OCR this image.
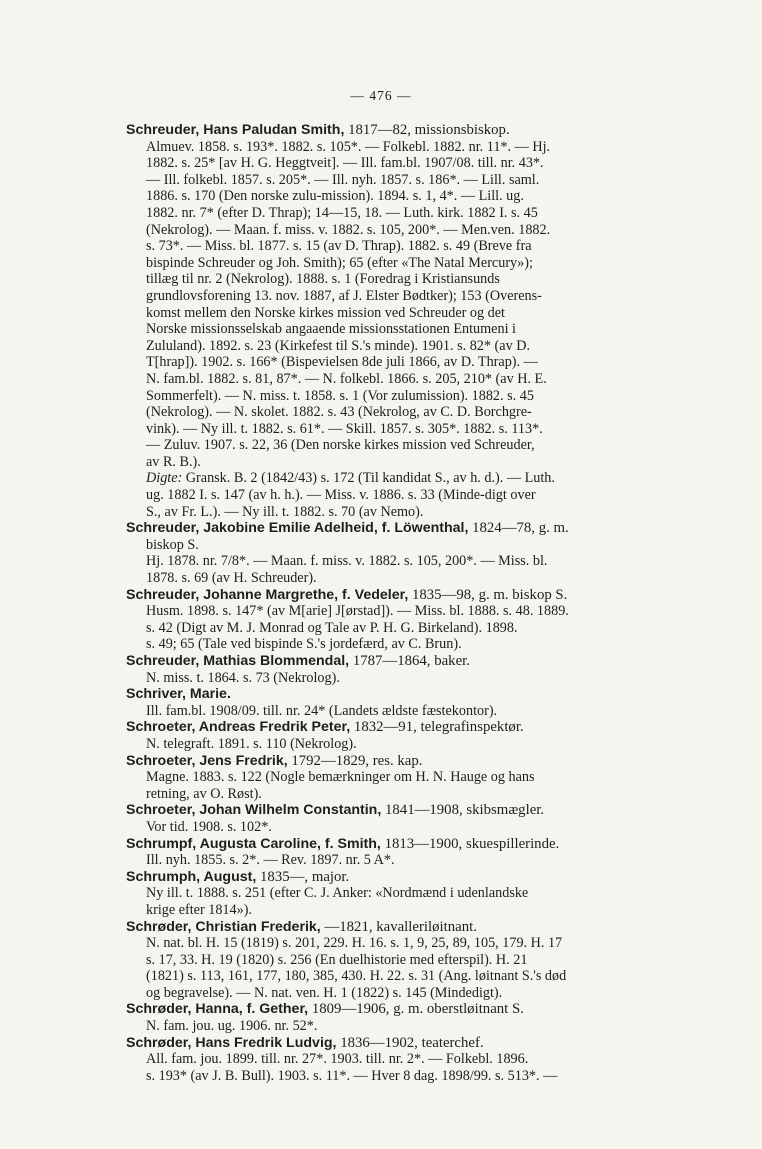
— 476 —
Schreuder, Hans Paludan Smith, 1817—82, missionsbiskop.
Almuev. 1858. s. 193*. 1882. s. 105*. — Folkebl. 1882. nr. 11*. — Hj.
1882. s. 25* [av H. G. Heggtveit]. — Ill. fam.bl. 1907/08. till. nr. 43*.
— Ill. folkebl. 1857. s. 205*. — Ill. nyh. 1857. s. 186*. — Lill. saml.
1886. s. 170 (Den norske zulu-mission). 1894. s. 1, 4*. — Lill. ug.
1882. nr. 7* (efter D. Thrap); 14—15, 18. — Luth. kirk. 1882 I. s. 45
(Nekrolog). — Maan. f. miss. v. 1882. s. 105, 200*. — Men.ven. 1882.
s. 73*. — Miss. bl. 1877. s. 15 (av D. Thrap). 1882. s. 49 (Breve fra
bispinde Schreuder og Joh. Smith); 65 (efter «The Natal Mercury»);
tillæg til nr. 2 (Nekrolog). 1888. s. 1 (Foredrag i Kristiansunds
grundlovsforening 13. nov. 1887, af J. Elster Bødtker); 153 (Overens-
komst mellem den Norske kirkes mission ved Schreuder og det
Norske missionsselskab angaaende missionsstationen Entumeni i
Zululand). 1892. s. 23 (Kirkefest til S.'s minde). 1901. s. 82* (av D.
T[hrap]). 1902. s. 166* (Bispevielsen 8de juli 1866, av D. Thrap). —
N. fam.bl. 1882. s. 81, 87*. — N. folkebl. 1866. s. 205, 210* (av H. E.
Sommerfelt). — N. miss. t. 1858. s. 1 (Vor zulumission). 1882. s. 45
(Nekrolog). — N. skolet. 1882. s. 43 (Nekrolog, av C. D. Borchgre-
vink). — Ny ill. t. 1882. s. 61*. — Skill. 1857. s. 305*. 1882. s. 113*.
— Zuluv. 1907. s. 22, 36 (Den norske kirkes mission ved Schreuder,
av R. B.).
Digte: Gransk. B. 2 (1842/43) s. 172 (Til kandidat S., av h. d.). — Luth.
ug. 1882 I. s. 147 (av h. h.). — Miss. v. 1886. s. 33 (Minde-digt over
S., av Fr. L.). — Ny ill. t. 1882. s. 70 (av Nemo).
Schreuder, Jakobine Emilie Adelheid, f. Löwenthal, 1824—78, g. m.
biskop S.
Hj. 1878. nr. 7/8*. — Maan. f. miss. v. 1882. s. 105, 200*. — Miss. bl.
1878. s. 69 (av H. Schreuder).
Schreuder, Johanne Margrethe, f. Vedeler, 1835—98, g. m. biskop S.
Husm. 1898. s. 147* (av M[arie] J[ørstad]). — Miss. bl. 1888. s. 48. 1889.
s. 42 (Digt av M. J. Monrad og Tale av P. H. G. Birkeland). 1898.
s. 49; 65 (Tale ved bispinde S.'s jordefærd, av C. Brun).
Schreuder, Mathias Blommendal, 1787—1864, baker.
N. miss. t. 1864. s. 73 (Nekrolog).
Schriver, Marie.
Ill. fam.bl. 1908/09. till. nr. 24* (Landets ældste fæstekontor).
Schroeter, Andreas Fredrik Peter, 1832—91, telegrafinspektør.
N. telegraft. 1891. s. 110 (Nekrolog).
Schroeter, Jens Fredrik, 1792—1829, res. kap.
Magne. 1883. s. 122 (Nogle bemærkninger om H. N. Hauge og hans
retning, av O. Røst).
Schroeter, Johan Wilhelm Constantin, 1841—1908, skibsmægler.
Vor tid. 1908. s. 102*.
Schrumpf, Augusta Caroline, f. Smith, 1813—1900, skuespillerinde.
Ill. nyh. 1855. s. 2*. — Rev. 1897. nr. 5 A*.
Schrumph, August, 1835—, major.
Ny ill. t. 1888. s. 251 (efter C. J. Anker: «Nordmænd i udenlandske
krige efter 1814»).
Schrøder, Christian Frederik, —1821, kavalleriløitnant.
N. nat. bl. H. 15 (1819) s. 201, 229. H. 16. s. 1, 9, 25, 89, 105, 179. H. 17
s. 17, 33. H. 19 (1820) s. 256 (En duelhistorie med efterspil). H. 21
(1821) s. 113, 161, 177, 180, 385, 430. H. 22. s. 31 (Ang. løitnant S.'s død
og begravelse). — N. nat. ven. H. 1 (1822) s. 145 (Mindedigt).
Schrøder, Hanna, f. Gether, 1809—1906, g. m. oberstløitnant S.
N. fam. jou. ug. 1906. nr. 52*.
Schrøder, Hans Fredrik Ludvig, 1836—1902, teaterchef.
All. fam. jou. 1899. till. nr. 27*. 1903. till. nr. 2*. — Folkebl. 1896.
s. 193* (av J. B. Bull). 1903. s. 11*. — Hver 8 dag. 1898/99. s. 513*. —
